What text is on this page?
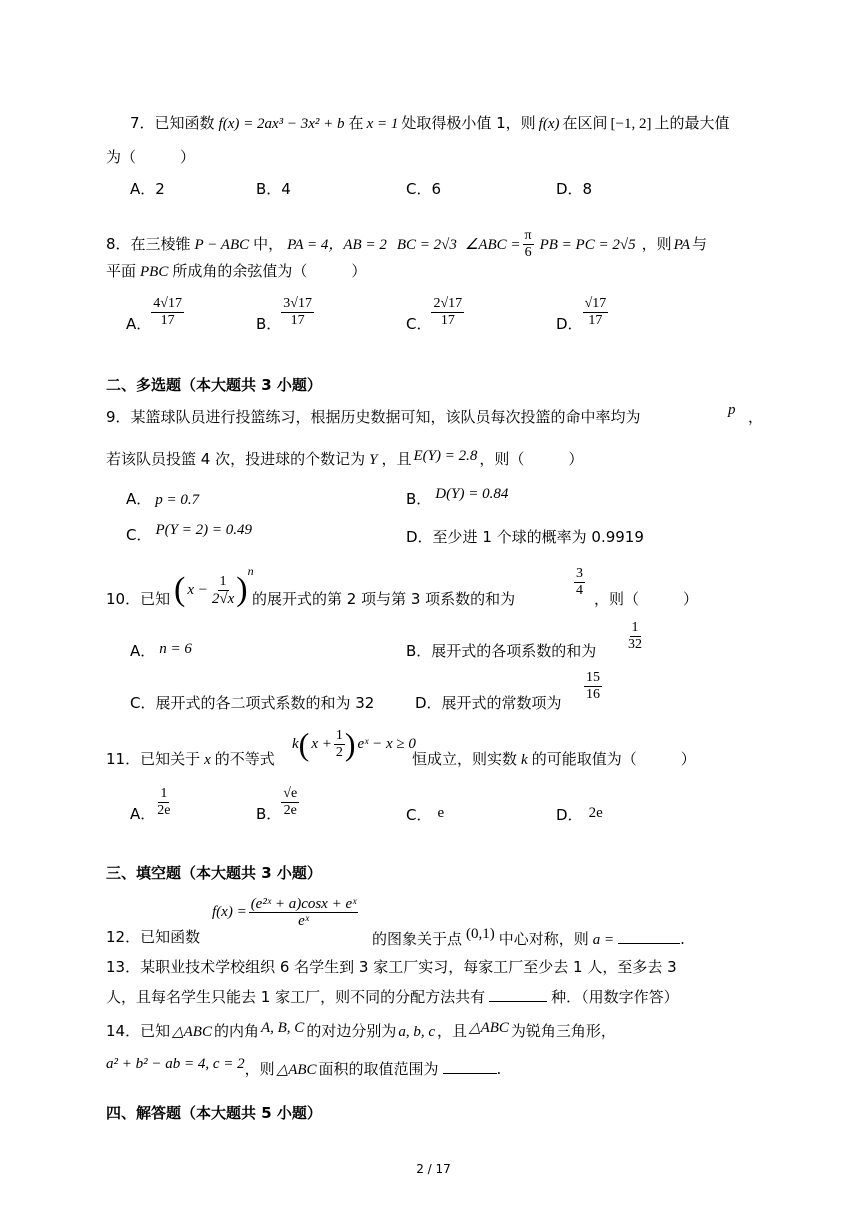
7．已知函数 f(x) = 2ax³ − 3x² + b 在 x = 1 处取得极小值 1，则 f(x) 在区间 [−1, 2] 上的最大值
为（	）
A．2	B．4	C．6	D．8
8．在三棱锥 P − ABC 中， PA = 4，AB = 2 BC = 2√3 ∠ABC = $\frac{\pi}{6}$ PB = PC = 2√5 ，则 PA 与
平面 PBC 所成角的余弦值为（	）
A． $\frac{4√17}{17}$	B． $\frac{3√17}{17}$	C． $\frac{2√17}{17}$	D． $\frac{√17}{17}$
二、多选题（本大题共 3 小题）
9．某篮球队员进行投篮练习，根据历史数据可知，该队员每次投篮的命中率均为	p ，
若该队员投篮 4 次，投进球的个数记为 Y ，且 E(Y) = 2.8 ，则（	）
A． p = 0.7	B． D(Y) = 0.84
C． P(Y = 2) = 0.49	D．至少进 1 个球的概率为 0.9919
10．已知 ( $x - \frac{1}{2√x}$ ) n
的展开式的第 2 项与第 3 项系数的和为	$\frac{3}{4}$ ，则（	）
A． n = 6	B．展开式的各项系数的和为 $\frac{1}{32}$
C．展开式的各二项式系数的和为 32	D．展开式的常数项为 $\frac{15}{16}$
11．已知关于 x 的不等式
k ( $x + \frac{1}{2}$ ) eˣ − x ≥ 0
恒成立，则实数 k 的可能取值为（	）
A． $\frac{1}{2e}$	B． $\frac{√e}{2e}$	C． e	D． 2e
三、填空题（本大题共 3 小题）
12．已知函数
$f(x) = \frac{\text{(e²ˣ + a)cosx + eˣ}}{\text{eˣ}}$
的图象关于点 (0,1) 中心对称，则 a =	.
13．某职业技术学校组织 6 名学生到 3 家工厂实习，每家工厂至少去 1 人，至多去 3
人，且每名学生只能去 1 家工厂，则不同的分配方法共有	种．（用数字作答）
14．已知 △ABC 的内角 A, B, C 的对边分别为 a, b, c ，且 △ABC 为锐角三角形，
a² + b² − ab = 4, c = 2，则 △ABC 面积的取值范围为	.
四、解答题（本大题共 5 小题）
2 / 17
